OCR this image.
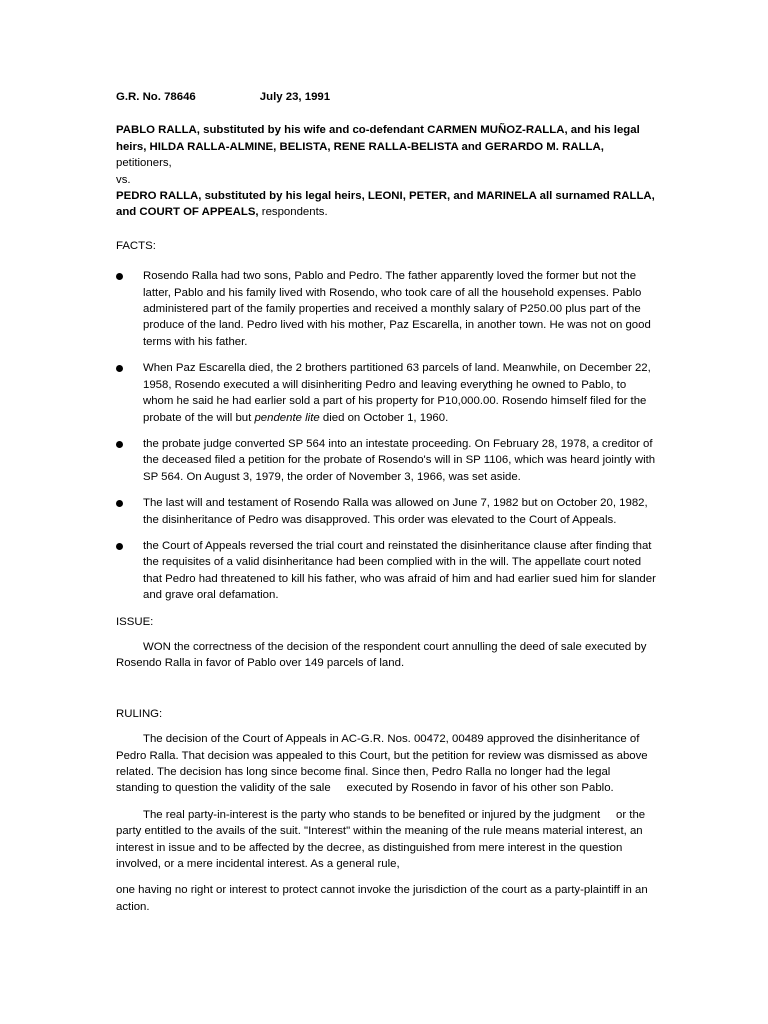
G.R. No. 78646	July 23, 1991

PABLO RALLA, substituted by his wife and co-defendant CARMEN MUÑOZ-RALLA, and his legal heirs, HILDA RALLA-ALMINE, BELISTA, RENE RALLA-BELISTA and GERARDO M. RALLA, petitioners,

vs.

PEDRO RALLA, substituted by his legal heirs, LEONI, PETER, and MARINELA all surnamed RALLA, and COURT OF APPEALS, respondents.

FACTS:

Rosendo Ralla had two sons, Pablo and Pedro. The father apparently loved the former but not the latter, Pablo and his family lived with Rosendo, who took care of all the household expenses. Pablo administered part of the family properties and received a monthly salary of P250.00 plus part of the produce of the land. Pedro lived with his mother, Paz Escarella, in another town. He was not on good terms with his father.
When Paz Escarella died, the 2 brothers partitioned 63 parcels of land. Meanwhile, on December 22, 1958, Rosendo executed a will disinheriting Pedro and leaving everything he owned to Pablo, to whom he said he had earlier sold a part of his property for P10,000.00. Rosendo himself filed for the probate of the will but pendente lite died on October 1, 1960.
the probate judge converted SP 564 into an intestate proceeding. On February 28, 1978, a creditor of the deceased filed a petition for the probate of Rosendo's will in SP 1106, which was heard jointly with SP 564. On August 3, 1979, the order of November 3, 1966, was set aside.
The last will and testament of Rosendo Ralla was allowed on June 7, 1982 but on October 20, 1982, the disinheritance of Pedro was disapproved. This order was elevated to the Court of Appeals.
the Court of Appeals reversed the trial court and reinstated the disinheritance clause after finding that the requisites of a valid disinheritance had been complied with in the will. The appellate court noted that Pedro had threatened to kill his father, who was afraid of him and had earlier sued him for slander and grave oral defamation.

ISSUE:

WON the correctness of the decision of the respondent court annulling the deed of sale executed by Rosendo Ralla in favor of Pablo over 149 parcels of land.

RULING:

The decision of the Court of Appeals in AC-G.R. Nos. 00472, 00489 approved the disinheritance of Pedro Ralla. That decision was appealed to this Court, but the petition for review was dismissed as above related. The decision has long since become final. Since then, Pedro Ralla no longer had the legal standing to question the validity of the sale executed by Rosendo in favor of his other son Pablo.

The real party-in-interest is the party who stands to be benefited or injured by the judgment or the party entitled to the avails of the suit. "Interest" within the meaning of the rule means material interest, an interest in issue and to be affected by the decree, as distinguished from mere interest in the question involved, or a mere incidental interest. As a general rule,

one having no right or interest to protect cannot invoke the jurisdiction of the court as a party-plaintiff in an action.
